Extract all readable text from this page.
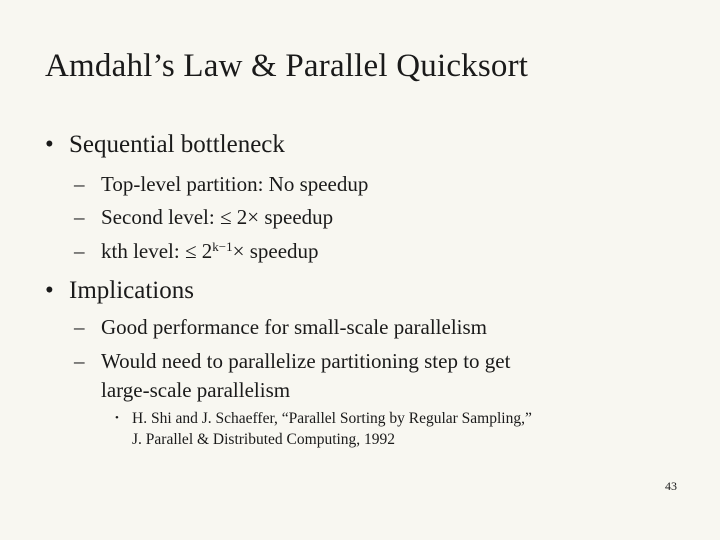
Amdahl’s Law & Parallel Quicksort
• Sequential bottleneck
– Top-level partition: No speedup
– Second level: ≤ 2× speedup
– kth level: ≤ $2^{k-1}\times$ speedup
• Implications
– Good performance for small-scale parallelism
– Would need to parallelize partitioning step to get
large-scale parallelism
• H. Shi and J. Schaeffer, “Parallel Sorting by Regular Sampling,”
J. Parallel & Distributed Computing, 1992
43
